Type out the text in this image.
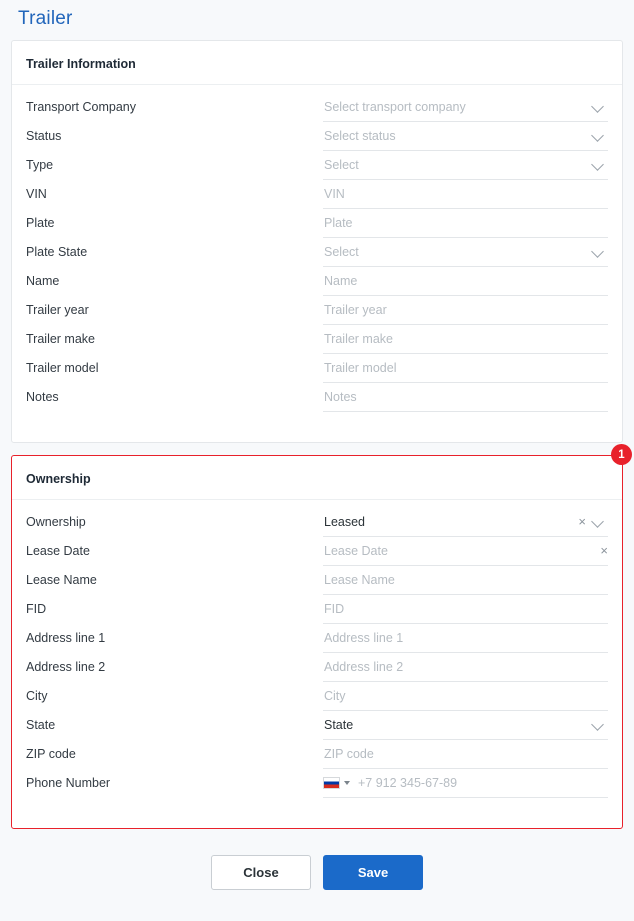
Trailer
Trailer Information
Transport Company	Select transport company
Status	Select status
Type	Select
VIN	VIN
Plate	Plate
Plate State	Select
Name	Name
Trailer year	Trailer year
Trailer make	Trailer make
Trailer model	Trailer model
Notes	Notes
1
Ownership
Ownership	Leased	×
Lease Date	Lease Date	×
Lease Name	Lease Name
FID	FID
Address line 1	Address line 1
Address line 2	Address line 2
City	City
State	State
ZIP code	ZIP code
Phone Number	+7 912 345-67-89
Close	Save
